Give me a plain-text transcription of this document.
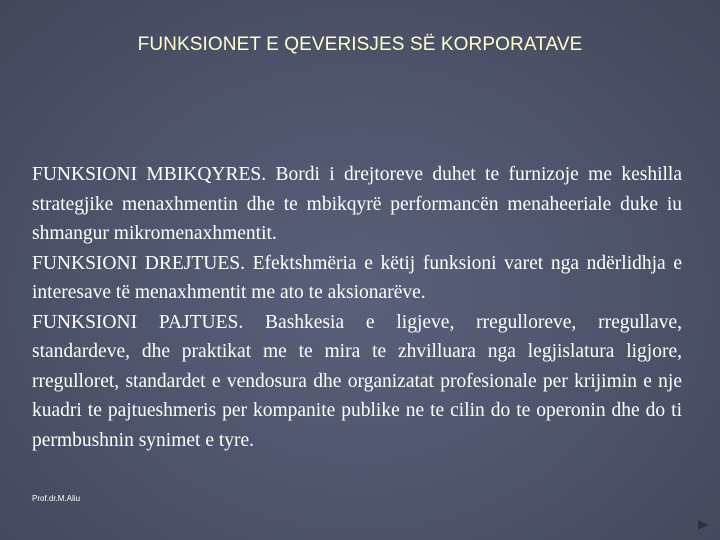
FUNKSIONET E QEVERISJES SË KORPORATAVE

FUNKSIONI MBIKQYRES. Bordi i drejtoreve duhet te furnizoje me keshilla strategjike menaxhmentin dhe te mbikqyrë performancën menaheeriale duke iu shmangur mikromenaxhmentit.

FUNKSIONI DREJTUES. Efektshmëria e këtij funksioni varet nga ndërlidhja e interesave të menaxhmentit me ato te aksionarëve.

FUNKSIONI PAJTUES. Bashkesia e ligjeve, rregulloreve, rregullave, standardeve, dhe praktikat me te mira te zhvilluara nga legjislatura ligjore, rregulloret, standardet e vendosura dhe organizatat profesionale per krijimin e nje kuadri te pajtueshmeris per kompanite publike ne te cilin do te operonin dhe do ti permbushnin synimet e tyre.

Prof.dr.M.Aliu
